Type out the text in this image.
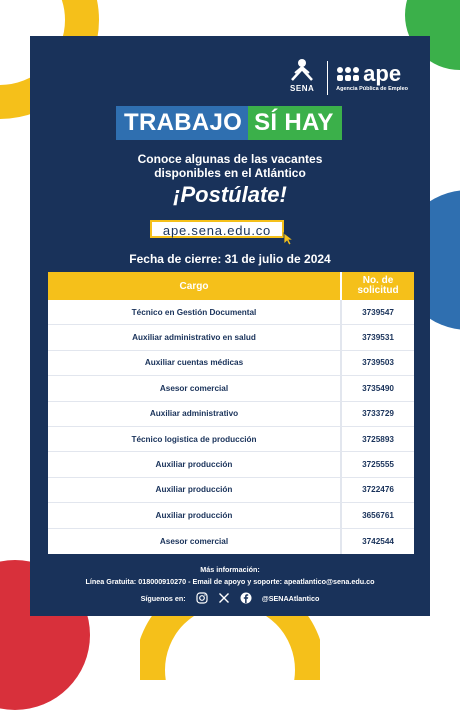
SENA
ape
Agencia Pública de Empleo
TRABAJO SÍ HAY
Conoce algunas de las vacantes
disponibles en el Atlántico
¡Postúlate!
ape.sena.edu.co
Fecha de cierre: 31 de julio de 2024
Cargo	No. de
solicitud
Técnico en Gestión Documental	3739547
Auxiliar administrativo en salud	3739531
Auxiliar cuentas médicas	3739503
Asesor comercial	3735490
Auxiliar administrativo	3733729
Técnico logistica de producción	3725893
Auxiliar producción	3725555
Auxiliar producción	3722476
Auxiliar producción	3656761
Asesor comercial	3742544
Más información:
Línea Gratuita: 018000910270 - Email de apoyo y soporte: apeatlantico@sena.edu.co
Síguenos en:	@SENAAtlantico
